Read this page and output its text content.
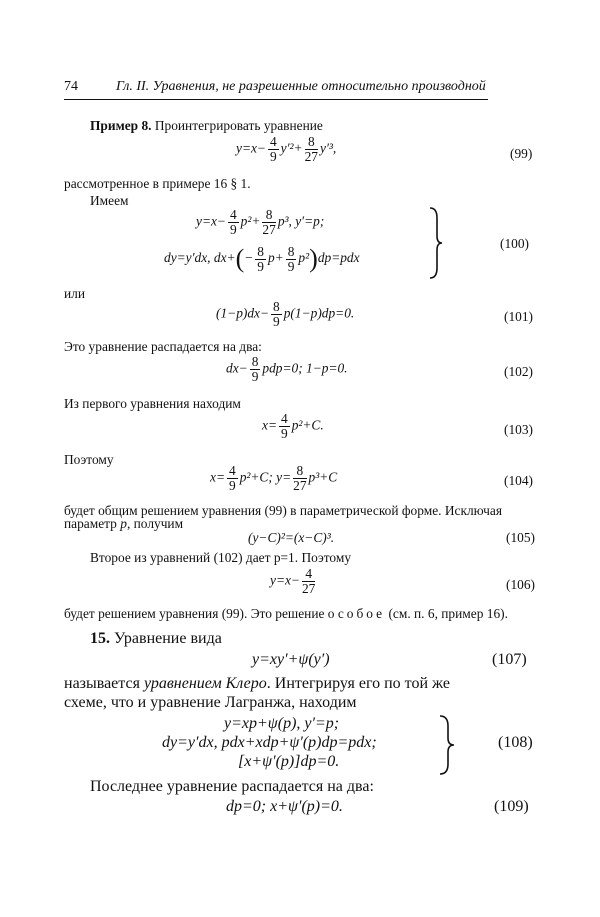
74	Гл. II. Уравнения, не разрешенные относительно производной
Пример 8. Проинтегрировать уравнение
$y=x- \frac{4}{9} y'^2+ \frac{8}{27} y'^3$,	(99)
рассмотренное в примере 16 § 1.
Имеем
$y=x- \frac{4}{9} p^2+ \frac{8}{27} p^3$, y′=p;
dy=y′dx, $dx+(- \frac{8}{9} p+ \frac{8}{9} p^2)dp=pdx$
(100)
или
$(1-p)dx- \frac{8}{9} p(1-p)dp=0$.	(101)
Это уравнение распадается на два:
$dx- \frac{8}{9} pdp=0$; 1−p=0.	(102)
Из первого уравнения находим
$x= \frac{4}{9} p^2+C$.	(103)
Поэтому
$x= \frac{4}{9} p^2+C$; $y= \frac{8}{27} p^3+C$	(104)
будет общим решением уравнения (99) в параметрической форме. Исключая
параметр p, получим
(y−C)²=(x−C)³.	(105)
Второе из уравнений (102) дает p=1. Поэтому
$y=x- \frac{4}{27}$	(106)
будет решением уравнения (99). Это решение особое (см. п. 6, пример 16).
15. Уравнение вида
y=xy′+ψ(y′)	(107)
называется уравнением Клеро. Интегрируя его по той же
схеме, что и уравнение Лагранжа, находим
y=xp+ψ(p), y′=p;
dy=y′dx, pdx+xdp+ψ′(p)dp=pdx;
[x+ψ′(p)]dp=0.
(108)
Последнее уравнение распадается на два:
dp=0; x+ψ′(p)=0.	(109)
